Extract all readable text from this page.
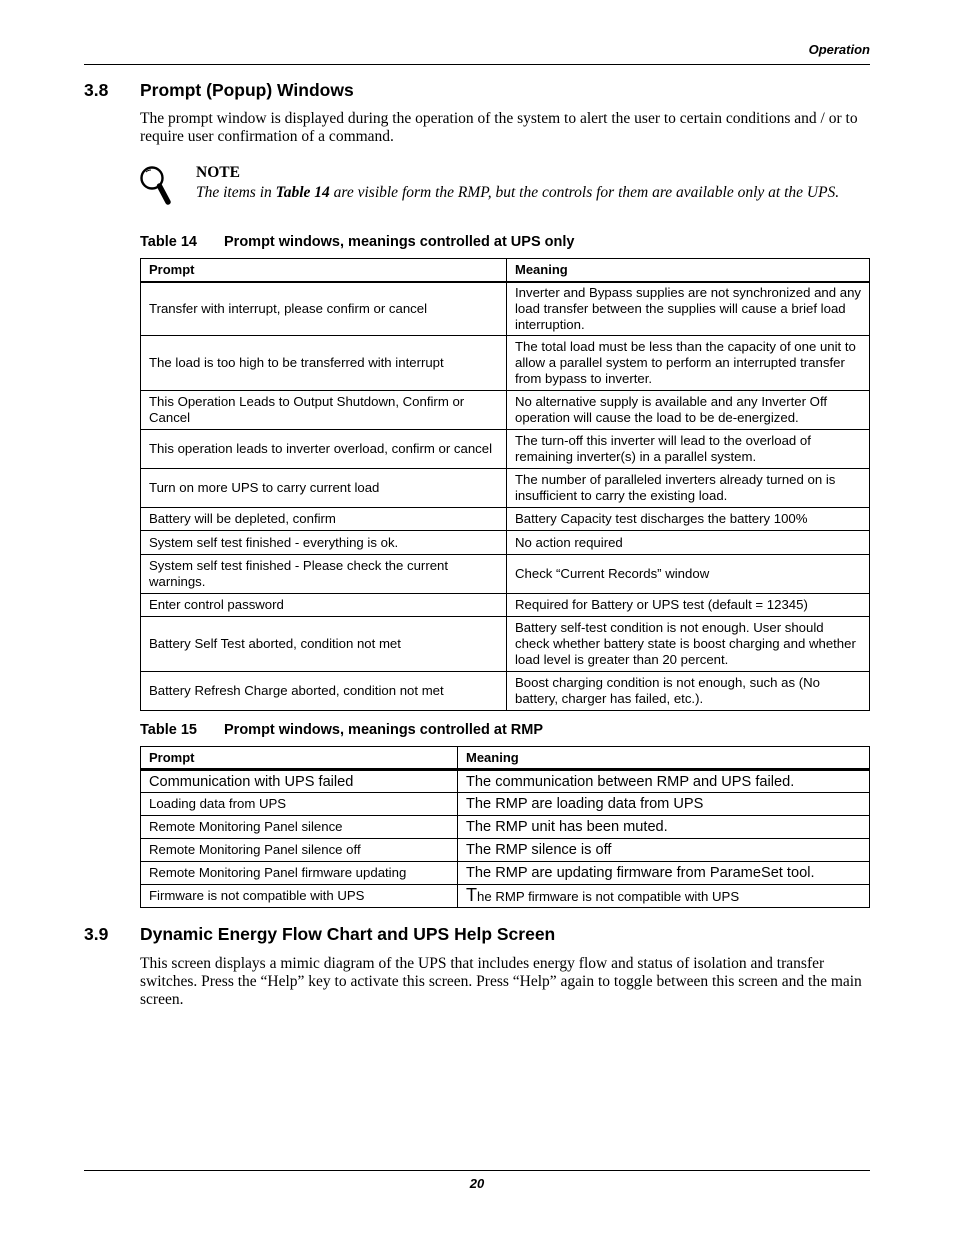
Operation
3.8 Prompt (Popup) Windows
The prompt window is displayed during the operation of the system to alert the user to certain conditions and / or to require user confirmation of a command.
NOTE
The items in Table 14 are visible form the RMP, but the controls for them are available only at the UPS.
Table 14 Prompt windows, meanings controlled at UPS only
Prompt	Meaning
Transfer with interrupt, please confirm or cancel	Inverter and Bypass supplies are not synchronized and any load transfer between the supplies will cause a brief load interruption.
The load is too high to be transferred with interrupt	The total load must be less than the capacity of one unit to allow a parallel system to perform an interrupted transfer from bypass to inverter.
This Operation Leads to Output Shutdown, Confirm or Cancel	No alternative supply is available and any Inverter Off operation will cause the load to be de-energized.
This operation leads to inverter overload, confirm or cancel	The turn-off this inverter will lead to the overload of remaining inverter(s) in a parallel system.
Turn on more UPS to carry current load	The number of paralleled inverters already turned on is insufficient to carry the existing load.
Battery will be depleted, confirm	Battery Capacity test discharges the battery 100%
System self test finished - everything is ok.	No action required
System self test finished - Please check the current warnings.	Check “Current Records” window
Enter control password	Required for Battery or UPS test (default = 12345)
Battery Self Test aborted, condition not met	Battery self-test condition is not enough. User should check whether battery state is boost charging and whether load level is greater than 20 percent.
Battery Refresh Charge aborted, condition not met	Boost charging condition is not enough, such as (No battery, charger has failed, etc.).
Table 15 Prompt windows, meanings controlled at RMP
Prompt	Meaning
Communication with UPS failed	The communication between RMP and UPS failed.
Loading data from UPS	The RMP are loading data from UPS
Remote Monitoring Panel silence	The RMP unit has been muted.
Remote Monitoring Panel silence off	The RMP silence is off
Remote Monitoring Panel firmware updating	The RMP are updating firmware from ParameSet tool.
Firmware is not compatible with UPS	The RMP firmware is not compatible with UPS
3.9 Dynamic Energy Flow Chart and UPS Help Screen
This screen displays a mimic diagram of the UPS that includes energy flow and status of isolation and transfer switches. Press the “Help” key to activate this screen. Press “Help” again to toggle between this screen and the main screen.
20
